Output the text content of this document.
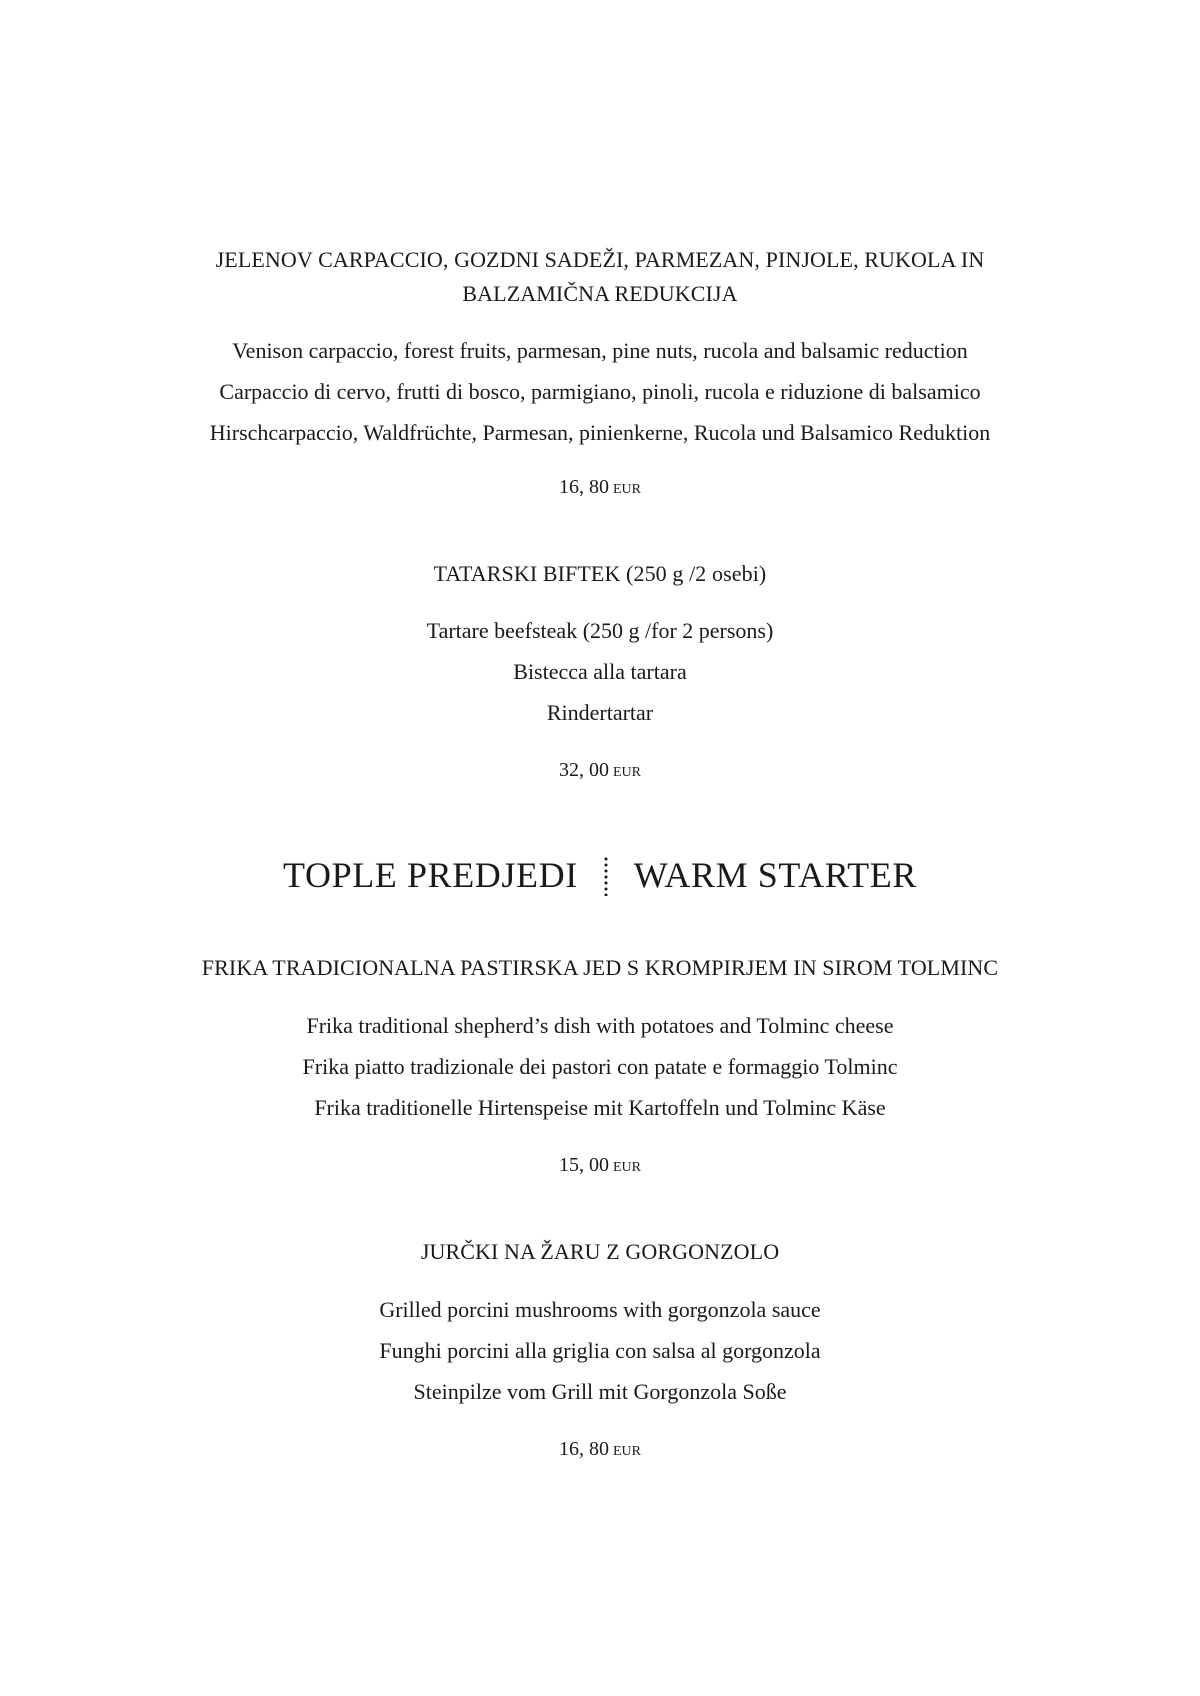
JELENOV CARPACCIO, GOZDNI SADEŽI, PARMEZAN, PINJOLE, RUKOLA IN
BALZAMIČNA REDUKCIJA
Venison carpaccio, forest fruits, parmesan, pine nuts, rucola and balsamic reduction
Carpaccio di cervo, frutti di bosco, parmigiano, pinoli, rucola e riduzione di balsamico
Hirschcarpaccio, Waldfrüchte, Parmesan, pinienkerne, Rucola und Balsamico Reduktion
16, 80 EUR
TATARSKI BIFTEK (250 g /2 osebi)
Tartare beefsteak (250 g /for 2 persons)
Bistecca alla tartara
Rindertartar
32, 00 EUR
TOPLE PREDJEDI WARM STARTER
FRIKA TRADICIONALNA PASTIRSKA JED S KROMPIRJEM IN SIROM TOLMINC
Frika traditional shepherd’s dish with potatoes and Tolminc cheese
Frika piatto tradizionale dei pastori con patate e formaggio Tolminc
Frika traditionelle Hirtenspeise mit Kartoffeln und Tolminc Käse
15, 00 EUR
JURČKI NA ŽARU Z GORGONZOLO
Grilled porcini mushrooms with gorgonzola sauce
Funghi porcini alla griglia con salsa al gorgonzola
Steinpilze vom Grill mit Gorgonzola Soße
16, 80 EUR
